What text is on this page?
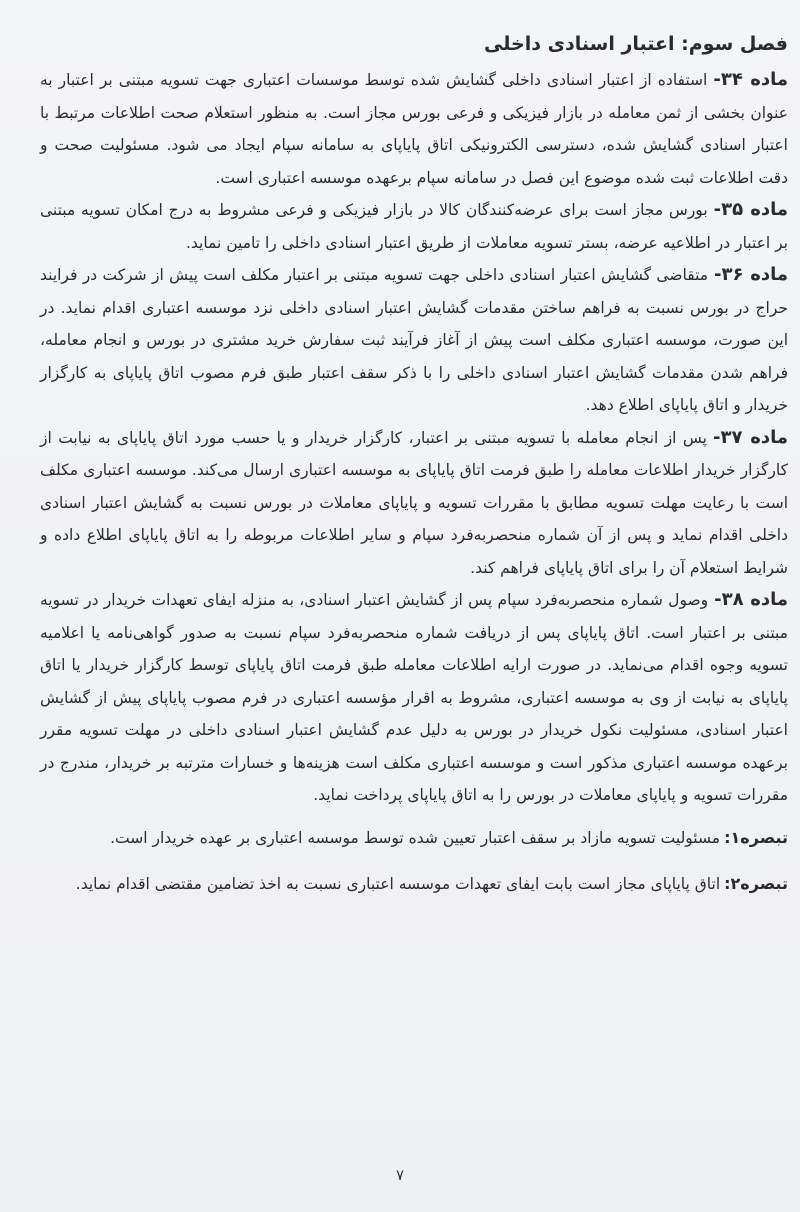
فصل سوم: اعتبار اسنادی داخلی

ماده ۳۴-استفاده از اعتبار اسنادی داخلی گشایش شده توسط موسسات اعتباری جهت تسویه مبتنی بر اعتبار به عنوان بخشی از ثمن معامله در بازار فیزیکی و فرعی بورس مجاز است. به منظور استعلام صحت اطلاعات مرتبط با اعتبار اسنادی گشایش شده، دسترسی الکترونیکی اتاق پایاپای به سامانه سپام ایجاد می شود. مسئولیت صحت و دقت اطلاعات ثبت شده موضوع این فصل در سامانه سپام برعهده موسسه اعتباری است.

ماده ۳۵-بورس مجاز است برای عرضه‌کنندگان کالا در بازار فیزیکی و فرعی مشروط به درج امکان تسویه مبتنی بر اعتبار در اطلاعیه عرضه، بستر تسویه معاملات از طریق اعتبار اسنادی داخلی را تامین نماید.

ماده ۳۶-متقاضی گشایش اعتبار اسنادی داخلی جهت تسویه مبتنی بر اعتبار مکلف است پیش از شرکت در فرایند حراج در بورس نسبت به فراهم ساختن مقدمات گشایش اعتبار اسنادی داخلی نزد موسسه اعتباری اقدام نماید. در این صورت، موسسه اعتباری مکلف است پیش از آغاز فرآیند ثبت سفارش خرید مشتری در بورس و انجام معامله، فراهم شدن مقدمات گشایش اعتبار اسنادی داخلی را با ذکر سقف اعتبار طبق فرم مصوب اتاق پایاپای به کارگزار خریدار و اتاق پایاپای اطلاع دهد.

ماده ۳۷-پس از انجام معامله با تسویه مبتنی بر اعتبار، کارگزار خریدار و یا حسب مورد اتاق پایاپای به نیابت از کارگزار خریدار اطلاعات معامله را طبق فرمت اتاق پایاپای به موسسه اعتباری ارسال می‌کند. موسسه اعتباری مکلف است با رعایت مهلت تسویه مطابق با مقررات تسویه و پایاپای معاملات در بورس نسبت به گشایش اعتبار اسنادی داخلی اقدام نماید و پس از آن شماره منحصربه‌فرد سپام و سایر اطلاعات مربوطه را به اتاق پایاپای اطلاع داده و شرایط استعلام آن را برای اتاق پایاپای فراهم کند.

ماده ۳۸-وصول شماره منحصربه‌فرد سپام پس از گشایش اعتبار اسنادی، به منزله ایفای تعهدات خریدار در تسویه مبتنی بر اعتبار است. اتاق پایاپای پس از دریافت شماره منحصربه‌فرد سپام نسبت به صدور گواهی‌نامه یا اعلامیه تسویه وجوه اقدام می‌نماید. در صورت ارایه اطلاعات معامله طبق فرمت اتاق پایاپای توسط کارگزار خریدار یا اتاق پایاپای به نیابت از وی به موسسه اعتباری، مشروط به اقرار مؤسسه اعتباری در فرم مصوب پایاپای پیش از گشایش اعتبار اسنادی، مسئولیت نکول خریدار در بورس به دلیل عدم گشایش اعتبار اسنادی داخلی در مهلت تسویه مقرر برعهده موسسه اعتباری مذکور است و موسسه اعتباری مکلف است هزینه‌ها و خسارات مترتبه بر خریدار، مندرج در مقررات تسویه و پایاپای معاملات در بورس را به اتاق پایاپای پرداخت نماید.

تبصره۱:مسئولیت تسویه مازاد بر سقف اعتبار تعیین شده توسط موسسه اعتباری بر عهده خریدار است.

تبصره۲:اتاق پایاپای مجاز است بابت ایفای تعهدات موسسه اعتباری نسبت به اخذ تضامین مقتضی اقدام نماید.

۷
